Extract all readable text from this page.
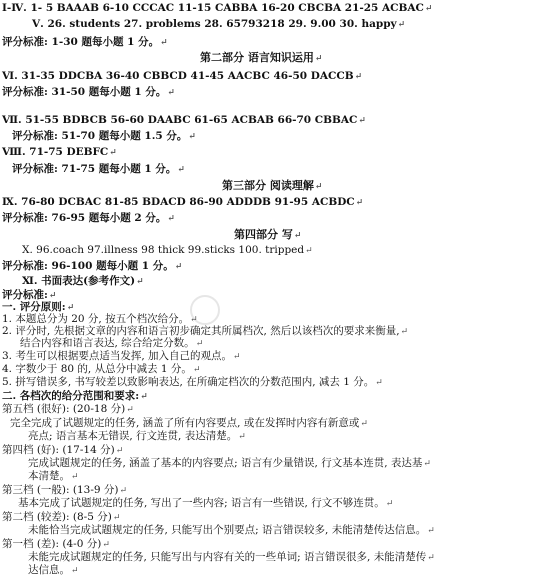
Ⅰ-Ⅳ. 1- 5 BAAAB 6-10 CCCAC 11-15 CABBA 16-20 CBCBA 21-25 ACBAC↵
Ⅴ. 26. students 27. problems 28. 65793218 29. 9.00 30. happy↵
评分标准: 1-30 题每小题 1 分。↵
第二部分 语言知识运用↵
Ⅵ. 31-35 DDCBA 36-40 CBBCD 41-45 AACBC 46-50 DACCB↵
评分标准: 31-50 题每小题 1 分。↵
Ⅶ. 51-55 BDBCB 56-60 DAABC 61-65 ACBAB 66-70 CBBAC↵
评分标准: 51-70 题每小题 1.5 分。↵
Ⅷ. 71-75 DEBFC↵
评分标准: 71-75 题每小题 1 分。↵
第三部分 阅读理解↵
Ⅸ. 76-80 DCBAC 81-85 BDACD 86-90 ADDDB 91-95 ACBDC↵
评分标准: 76-95 题每小题 2 分。↵
第四部分 写↵
Ⅹ. 96.coach 97.illness 98 thick 99.sticks 100. tripped↵
评分标准: 96-100 题每小题 1 分。↵
Ⅺ. 书面表达(参考作文)↵
评分标准:↵
一. 评分原则:↵
1. 本题总分为 20 分, 按五个档次给分。↵
2. 评分时, 先根据文章的内容和语言初步确定其所属档次, 然后以该档次的要求来衡量,↵
结合内容和语言表达, 综合给定分数。↵
3. 考生可以根据要点适当发挥, 加入自己的观点。↵
4. 字数少于 80 的, 从总分中减去 1 分。↵
5. 拼写错误多, 书写较差以致影响表达, 在所确定档次的分数范围内, 减去 1 分。↵
二. 各档次的给分范围和要求:↵
第五档 (很好): (20-18 分)↵
完全完成了试题规定的任务, 涵盖了所有内容要点, 或在发挥时内容有新意或↵
亮点; 语言基本无错误, 行文连贯, 表达清楚。↵
第四档 (好): (17-14 分)↵
完成试题规定的任务, 涵盖了基本的内容要点; 语言有少量错误, 行文基本连贯, 表达基↵
本清楚。↵
第三档 (一般): (13-9 分)↵
基本完成了试题规定的任务, 写出了一些内容; 语言有一些错误, 行文不够连贯。↵
第二档 (较差): (8-5 分)↵
未能恰当完成试题规定的任务, 只能写出个别要点; 语言错误较多, 未能清楚传达信息。↵
第一档 (差): (4-0 分)↵
未能完成试题规定的任务, 只能写出与内容有关的一些单词; 语言错误很多, 未能清楚传↵
达信息。↵
